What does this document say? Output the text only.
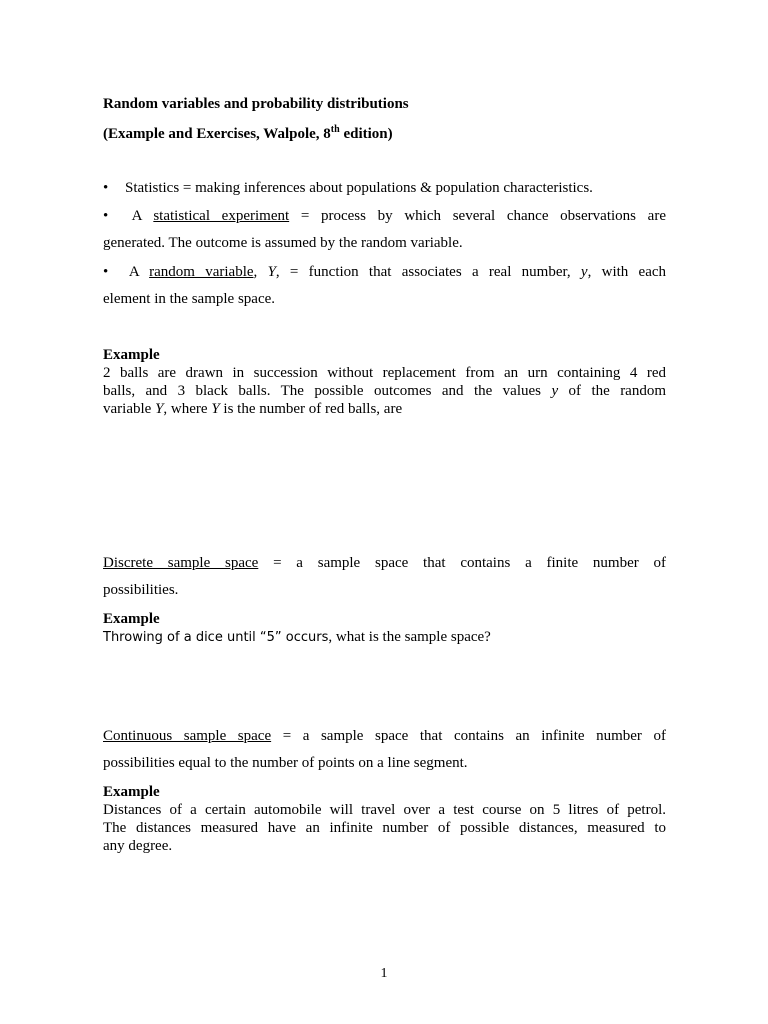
Random variables and probability distributions

(Example and Exercises, Walpole, 8th edition)

• Statistics = making inferences about populations & population characteristics.
• A statistical experiment = process by which several chance observations are
generated. The outcome is assumed by the random variable.
• A random variable, Y, = function that associates a real number, y, with each
element in the sample space.
Example
2 balls are drawn in succession without replacement from an urn containing 4 red
balls, and 3 black balls. The possible outcomes and the values y of the random
variable Y, where Y is the number of red balls, are
Discrete sample space = a sample space that contains a finite number of
possibilities.
Example
Throwing of a dice until “5” occurs, what is the sample space?
Continuous sample space = a sample space that contains an infinite number of
possibilities equal to the number of points on a line segment.
Example
Distances of a certain automobile will travel over a test course on 5 litres of petrol.
The distances measured have an infinite number of possible distances, measured to
any degree.
1
